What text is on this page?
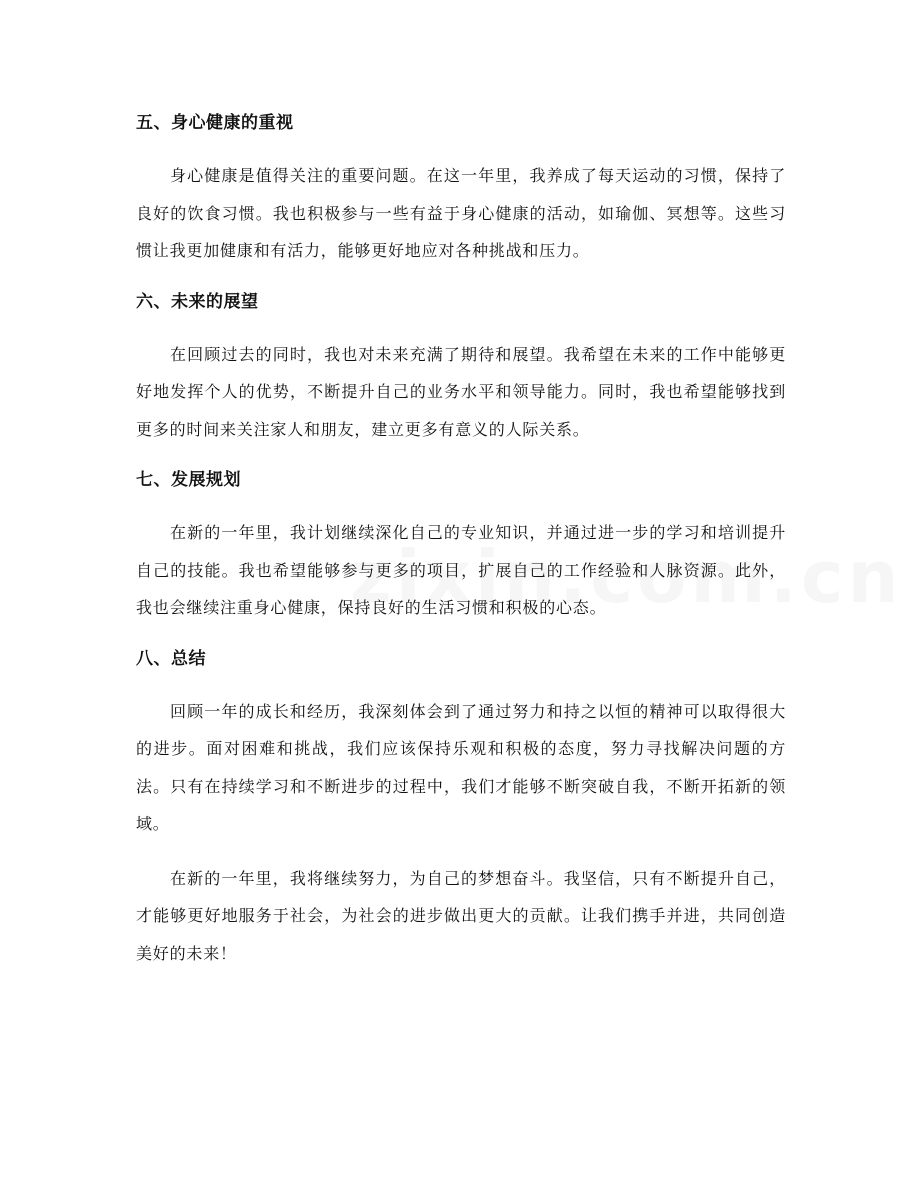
五、身心健康的重视

身心健康是值得关注的重要问题。在这一年里，我养成了每天运动的习惯，保持了良好的饮食习惯。我也积极参与一些有益于身心健康的活动，如瑜伽、冥想等。这些习惯让我更加健康和有活力，能够更好地应对各种挑战和压力。

六、未来的展望

在回顾过去的同时，我也对未来充满了期待和展望。我希望在未来的工作中能够更好地发挥个人的优势，不断提升自己的业务水平和领导能力。同时，我也希望能够找到更多的时间来关注家人和朋友，建立更多有意义的人际关系。

七、发展规划

在新的一年里，我计划继续深化自己的专业知识，并通过进一步的学习和培训提升自己的技能。我也希望能够参与更多的项目，扩展自己的工作经验和人脉资源。此外，我也会继续注重身心健康，保持良好的生活习惯和积极的心态。

八、总结

回顾一年的成长和经历，我深刻体会到了通过努力和持之以恒的精神可以取得很大的进步。面对困难和挑战，我们应该保持乐观和积极的态度，努力寻找解决问题的方法。只有在持续学习和不断进步的过程中，我们才能够不断突破自我，不断开拓新的领域。

在新的一年里，我将继续努力，为自己的梦想奋斗。我坚信，只有不断提升自己，才能够更好地服务于社会，为社会的进步做出更大的贡献。让我们携手并进，共同创造美好的未来！
